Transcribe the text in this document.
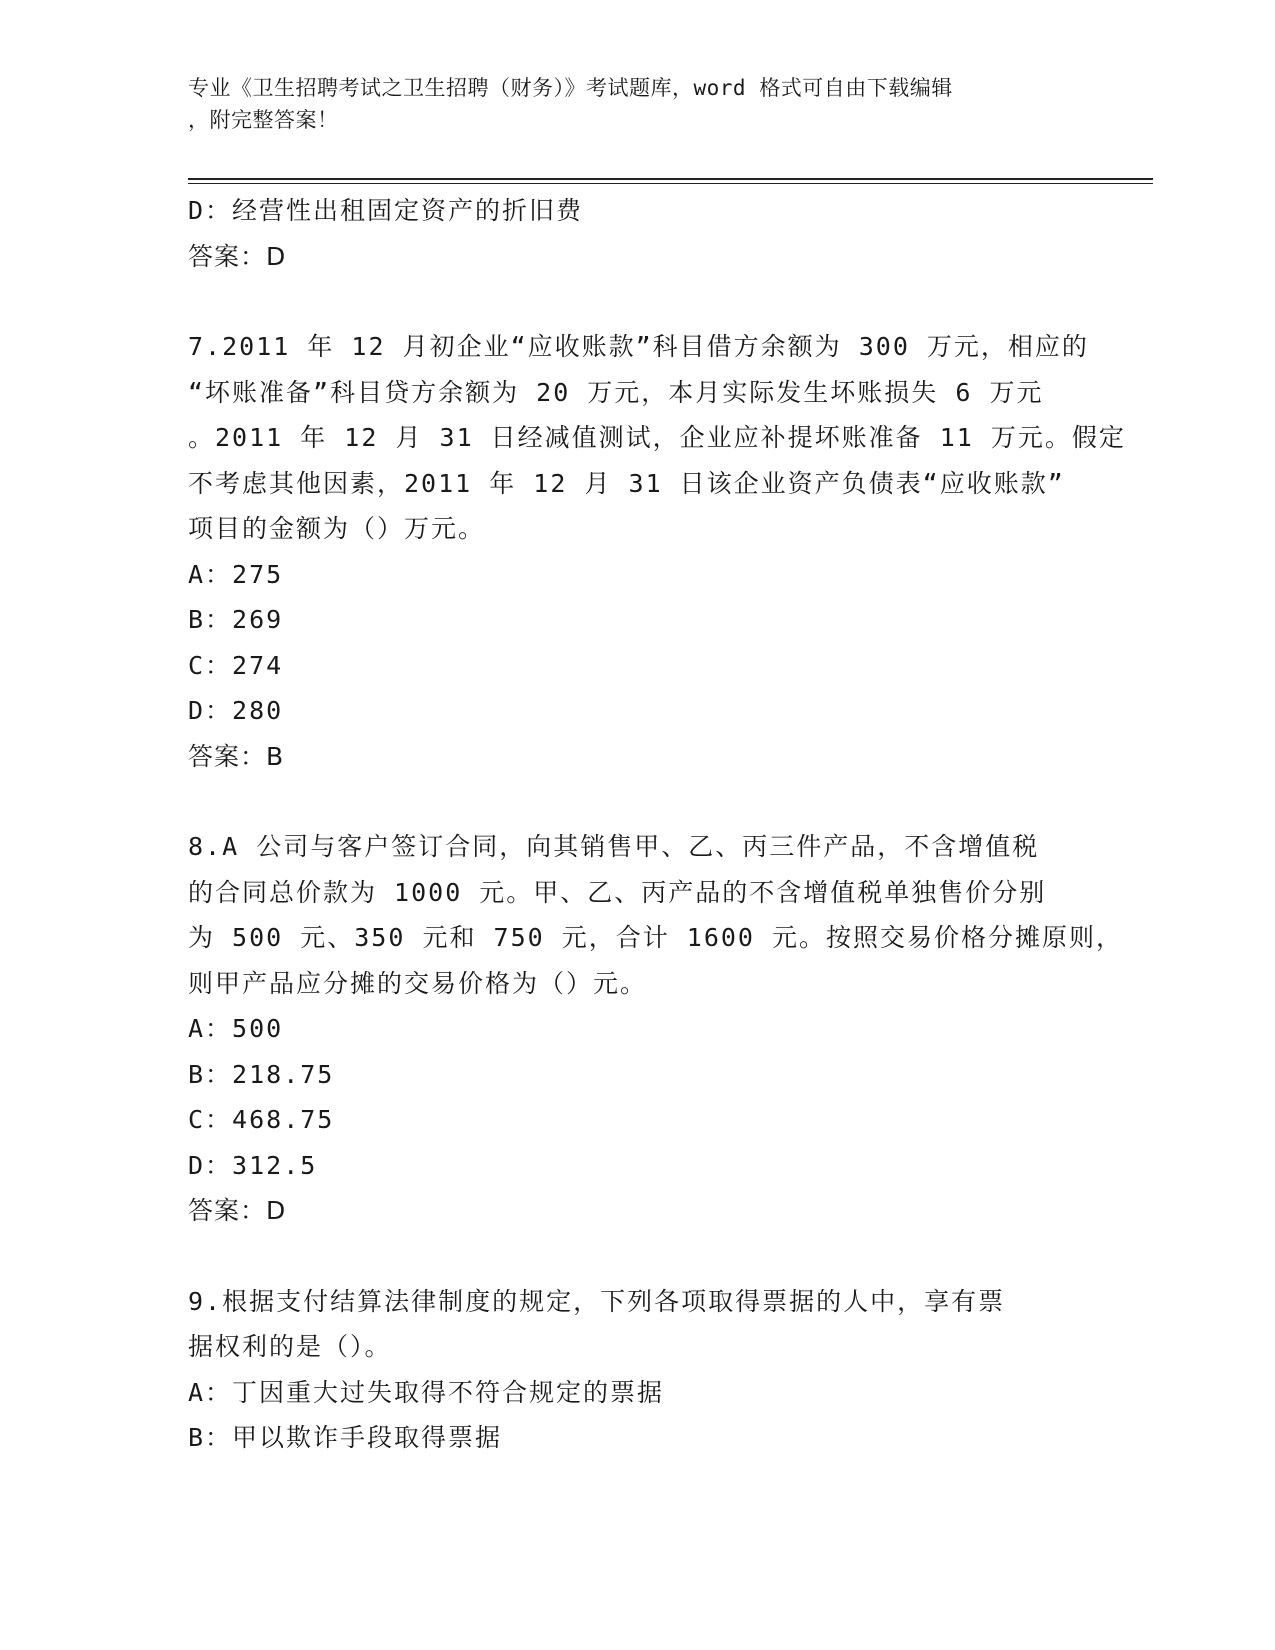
专业《卫生招聘考试之卫生招聘（财务）》考试题库，word 格式可自由下载编辑
，附完整答案！
D：经营性出租固定资产的折旧费
答案：D
7.2011 年 12 月初企业“应收账款”科目借方余额为 300 万元，相应的
“坏账准备”科目贷方余额为 20 万元，本月实际发生坏账损失 6 万元
。2011 年 12 月 31 日经减值测试，企业应补提坏账准备 11 万元。假定
不考虑其他因素，2011 年 12 月 31 日该企业资产负债表“应收账款”
项目的金额为（）万元。
A：275
B：269
C：274
D：280
答案：B
8.A 公司与客户签订合同，向其销售甲、乙、丙三件产品，不含增值税
的合同总价款为 1000 元。甲、乙、丙产品的不含增值税单独售价分别
为 500 元、350 元和 750 元，合计 1600 元。按照交易价格分摊原则，
则甲产品应分摊的交易价格为（）元。
A：500
B：218.75
C：468.75
D：312.5
答案：D
9.根据支付结算法律制度的规定，下列各项取得票据的人中，享有票
据权利的是（）。
A：丁因重大过失取得不符合规定的票据
B：甲以欺诈手段取得票据
